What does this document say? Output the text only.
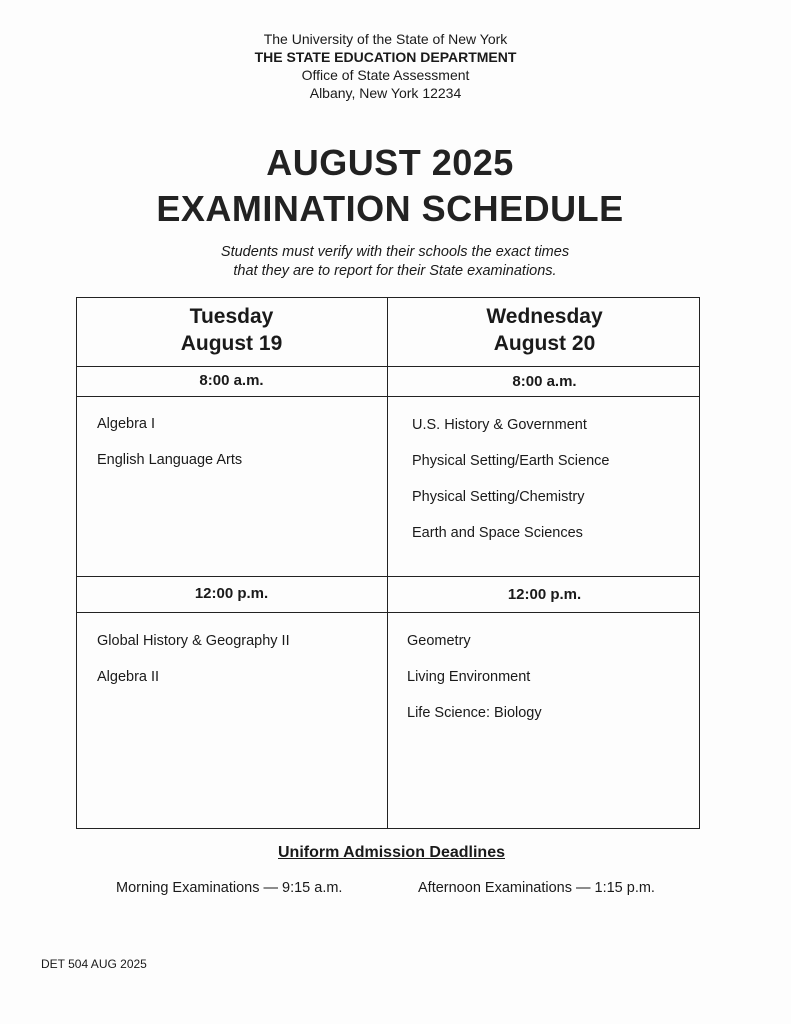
The University of the State of New York
THE STATE EDUCATION DEPARTMENT
Office of State Assessment
Albany, New York 12234
AUGUST 2025
EXAMINATION SCHEDULE
Students must verify with their schools the exact times
that they are to report for their State examinations.
Tuesday
August 19
8:00 a.m.
Algebra I
English Language Arts
12:00 p.m.
Global History & Geography II
Algebra II
Wednesday
August 20
8:00 a.m.
U.S. History & Government
Physical Setting/Earth Science
Physical Setting/Chemistry
Earth and Space Sciences
12:00 p.m.
Geometry
Living Environment
Life Science: Biology
Uniform Admission Deadlines
Morning Examinations — 9:15 a.m.	Afternoon Examinations — 1:15 p.m.
DET 504 AUG 2025
